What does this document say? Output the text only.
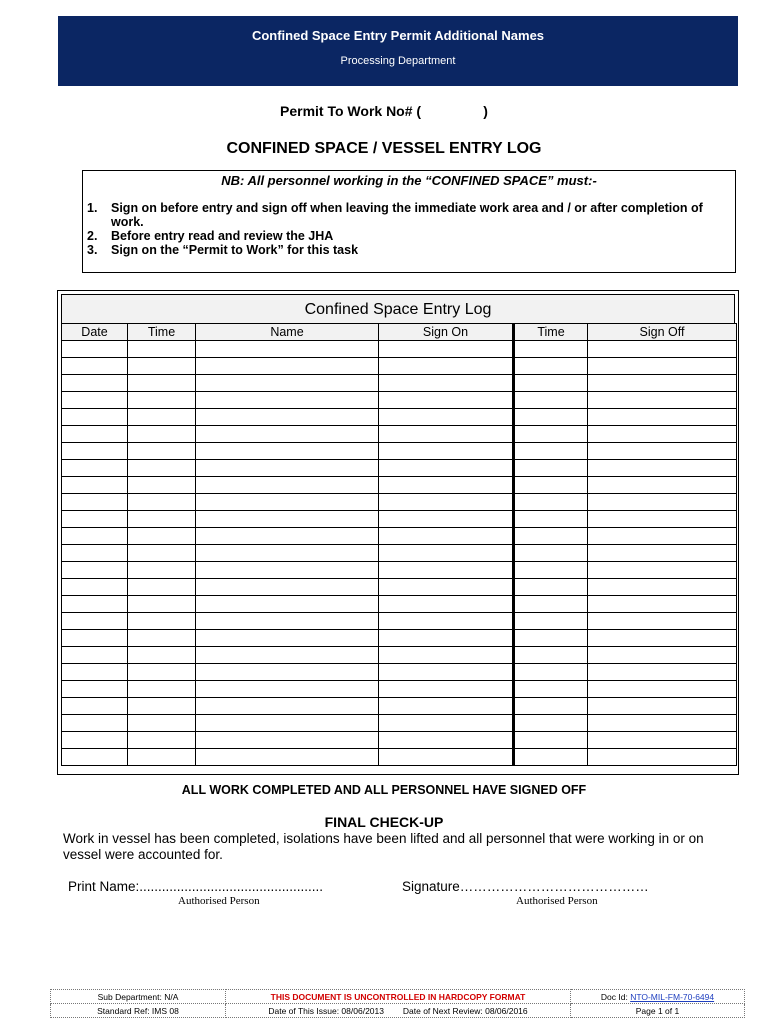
Confined Space Entry Permit Additional Names
Processing Department
Permit To Work No# (                )
CONFINED SPACE / VESSEL ENTRY LOG
NB: All personnel working in the “CONFINED SPACE” must:-
1.	Sign on before entry and sign off when leaving the immediate work area and / or after completion of work.
2.	Before entry read and review the JHA
3.	Sign on the “Permit to Work” for this task
Confined Space Entry Log
Date	Time	Name	Sign On	Time	Sign Off

ALL WORK COMPLETED AND ALL PERSONNEL HAVE SIGNED OFF
FINAL CHECK-UP
Work in vessel has been completed, isolations have been lifted and all personnel that were working in or on vessel were accounted for.
Print Name:.................................................
Authorised Person
Signature……………………………………
Authorised Person
Sub Department: N/A	THIS DOCUMENT IS UNCONTROLLED IN HARDCOPY FORMAT	Doc Id: NTO-MIL-FM-70-6494
Standard Ref: IMS 08	Date of This Issue: 08/06/2013 Date of Next Review: 08/06/2016	Page 1 of 1
